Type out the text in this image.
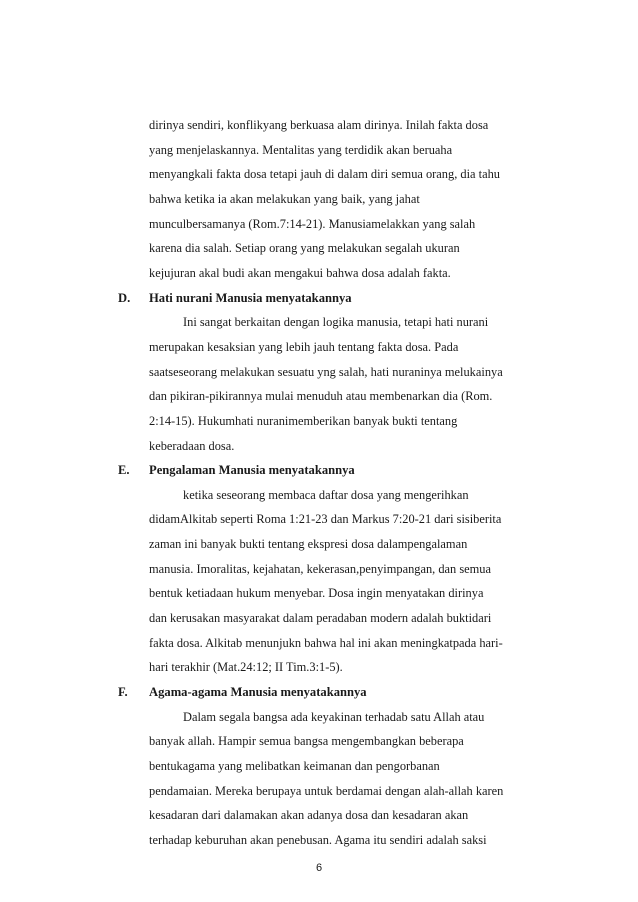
dirinya sendiri, konflikyang berkuasa alam dirinya. Inilah fakta dosa
yang menjelaskannya. Mentalitas yang terdidik akan beruaha
menyangkali fakta dosa tetapi jauh di dalam diri semua orang, dia tahu
bahwa ketika ia akan melakukan yang baik, yang jahat
munculbersamanya (Rom.7:14-21). Manusiamelakkan yang salah
karena dia salah. Setiap orang yang melakukan segalah ukuran
kejujuran akal budi akan mengakui bahwa dosa adalah fakta.
D. Hati nurani Manusia menyatakannya
Ini sangat berkaitan dengan logika manusia, tetapi hati nurani
merupakan kesaksian yang lebih jauh tentang fakta dosa. Pada
saatseseorang melakukan sesuatu yng salah, hati nuraninya melukainya
dan pikiran-pikirannya mulai menuduh atau membenarkan dia (Rom.
2:14-15). Hukumhati nuranimemberikan banyak bukti tentang
keberadaan dosa.
E. Pengalaman Manusia menyatakannya
ketika seseorang membaca daftar dosa yang mengerihkan
didamAlkitab seperti Roma 1:21-23 dan Markus 7:20-21 dari sisiberita
zaman ini banyak bukti tentang ekspresi dosa dalampengalaman
manusia. Imoralitas, kejahatan, kekerasan,penyimpangan, dan semua
bentuk ketiadaan hukum menyebar. Dosa ingin menyatakan dirinya
dan kerusakan masyarakat dalam peradaban modern adalah buktidari
fakta dosa. Alkitab menunjukn bahwa hal ini akan meningkatpada hari-
hari terakhir (Mat.24:12; II Tim.3:1-5).
F. Agama-agama Manusia menyatakannya
Dalam segala bangsa ada keyakinan terhadab satu Allah atau
banyak allah. Hampir semua bangsa mengembangkan beberapa
bentukagama yang melibatkan keimanan dan pengorbanan
pendamaian. Mereka berupaya untuk berdamai dengan alah-allah karen
kesadaran dari dalamakan akan adanya dosa dan kesadaran akan
terhadap keburuhan akan penebusan. Agama itu sendiri adalah saksi
6
